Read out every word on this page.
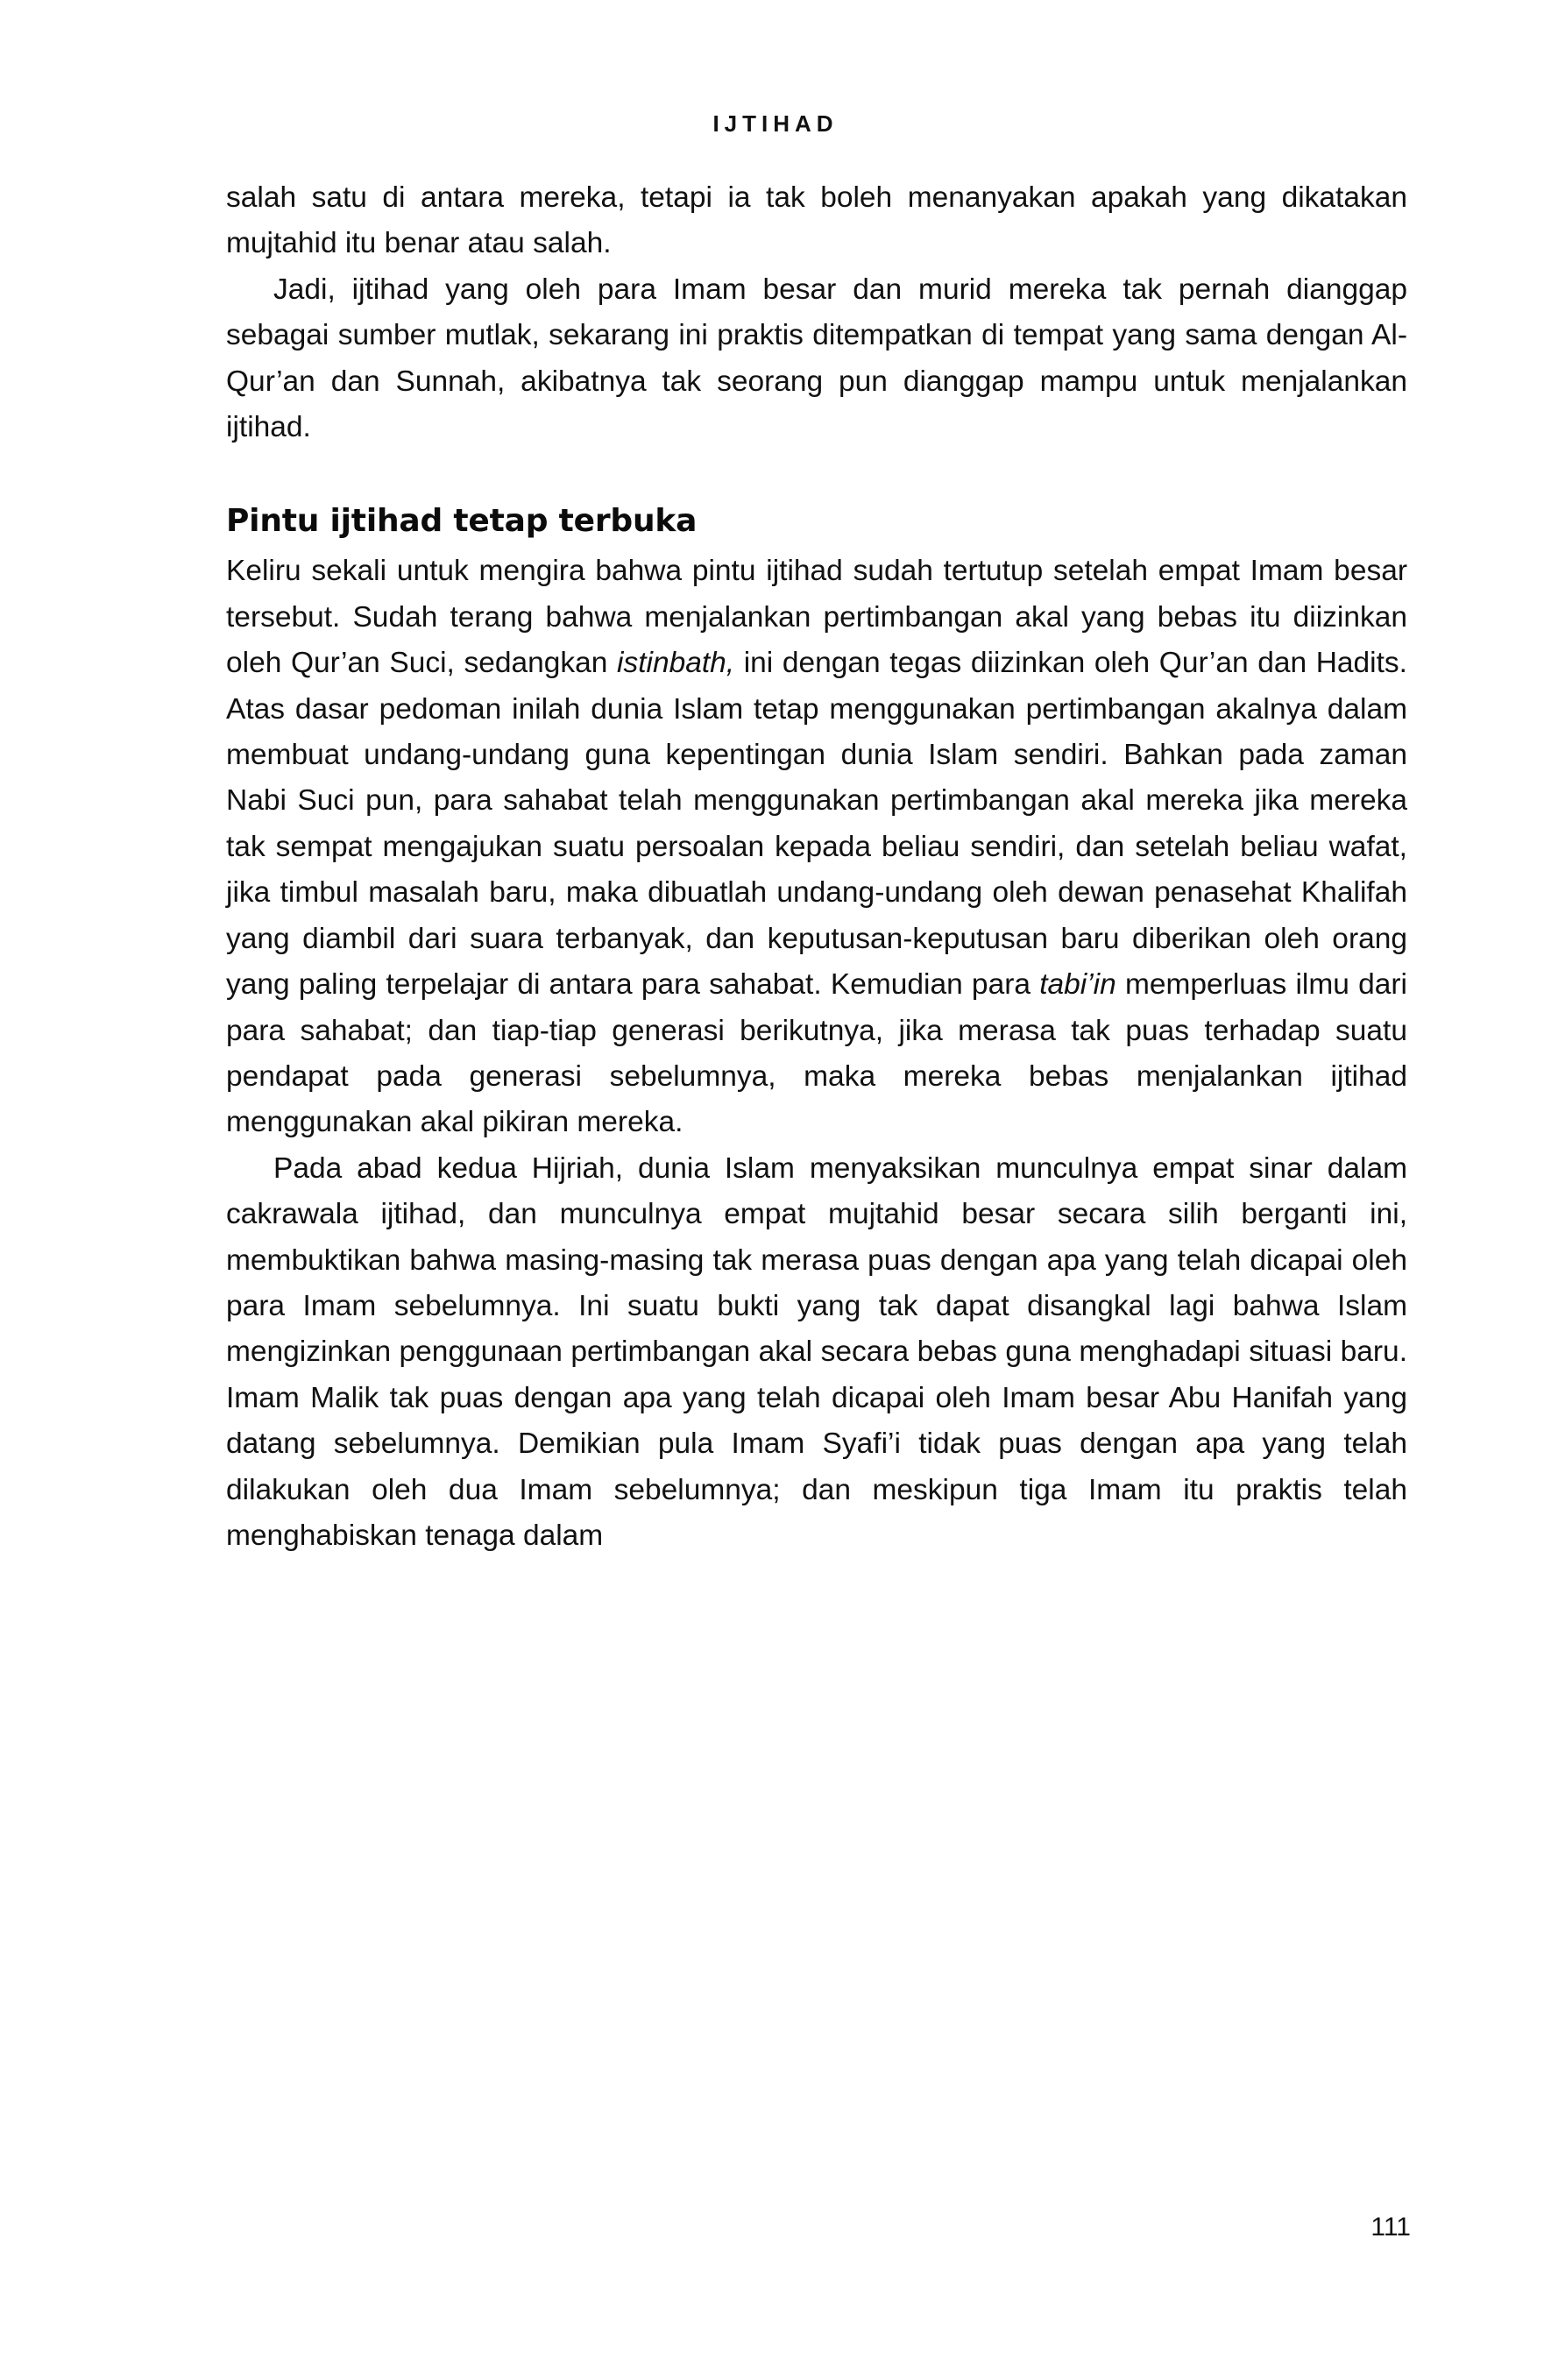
IJTIHAD

salah satu di antara mereka, tetapi ia tak boleh menanyakan apakah yang dikatakan mujtahid itu benar atau salah.

Jadi, ijtihad yang oleh para Imam besar dan murid mereka tak pernah dianggap sebagai sumber mutlak, sekarang ini praktis ditempatkan di tempat yang sama dengan Al-Qur’an dan Sunnah, akibatnya tak seorang pun dianggap mampu untuk menjalankan ijtihad.

Pintu ijtihad tetap terbuka

Keliru sekali untuk mengira bahwa pintu ijtihad sudah tertutup setelah empat Imam besar tersebut. Sudah terang bahwa menjalankan pertimbangan akal yang bebas itu diizinkan oleh Qur’an Suci, sedangkan istinbath, ini dengan tegas diizinkan oleh Qur’an dan Hadits. Atas dasar pedoman inilah dunia Islam tetap menggunakan pertimbangan akalnya dalam membuat undang-undang guna kepentingan dunia Islam sendiri. Bahkan pada zaman Nabi Suci pun, para sahabat telah menggunakan pertimbangan akal mereka jika mereka tak sempat mengajukan suatu persoalan kepada beliau sendiri, dan setelah beliau wafat, jika timbul masalah baru, maka dibuatlah undang-undang oleh dewan penasehat Khalifah yang diambil dari suara terbanyak, dan keputusan-keputusan baru diberikan oleh orang yang paling terpelajar di antara para sahabat. Kemudian para tabi’in memperluas ilmu dari para sahabat; dan tiap-tiap generasi berikutnya, jika merasa tak puas terhadap suatu pendapat pada generasi sebelumnya, maka mereka bebas menjalankan ijtihad menggunakan akal pikiran mereka.

Pada abad kedua Hijriah, dunia Islam menyaksikan munculnya empat sinar dalam cakrawala ijtihad, dan munculnya empat mujtahid besar secara silih berganti ini, membuktikan bahwa masing-masing tak merasa puas dengan apa yang telah dicapai oleh para Imam sebelumnya. Ini suatu bukti yang tak dapat disangkal lagi bahwa Islam mengizinkan penggunaan pertimbangan akal secara bebas guna menghadapi situasi baru. Imam Malik tak puas dengan apa yang telah dicapai oleh Imam besar Abu Hanifah yang datang sebelumnya. Demikian pula Imam Syafi’i tidak puas dengan apa yang telah dilakukan oleh dua Imam sebelumnya; dan meskipun tiga Imam itu praktis telah menghabiskan tenaga dalam

111
